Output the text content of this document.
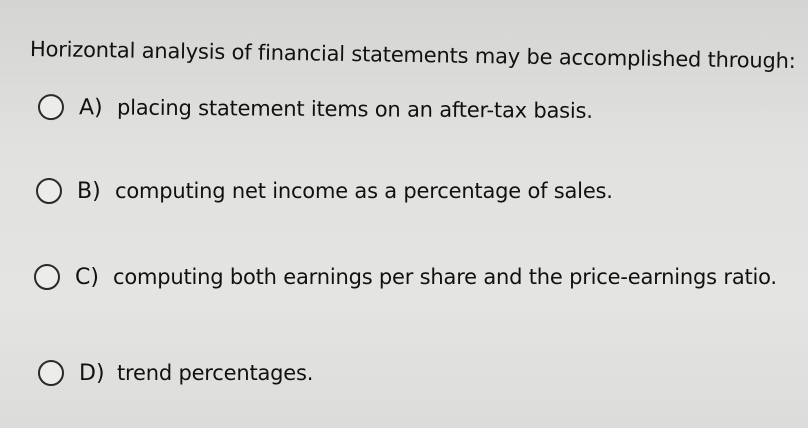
Horizontal analysis of financial statements may be accomplished through:
A) placing statement items on an after-tax basis.
B) computing net income as a percentage of sales.
C) computing both earnings per share and the price-earnings ratio.
D) trend percentages.
